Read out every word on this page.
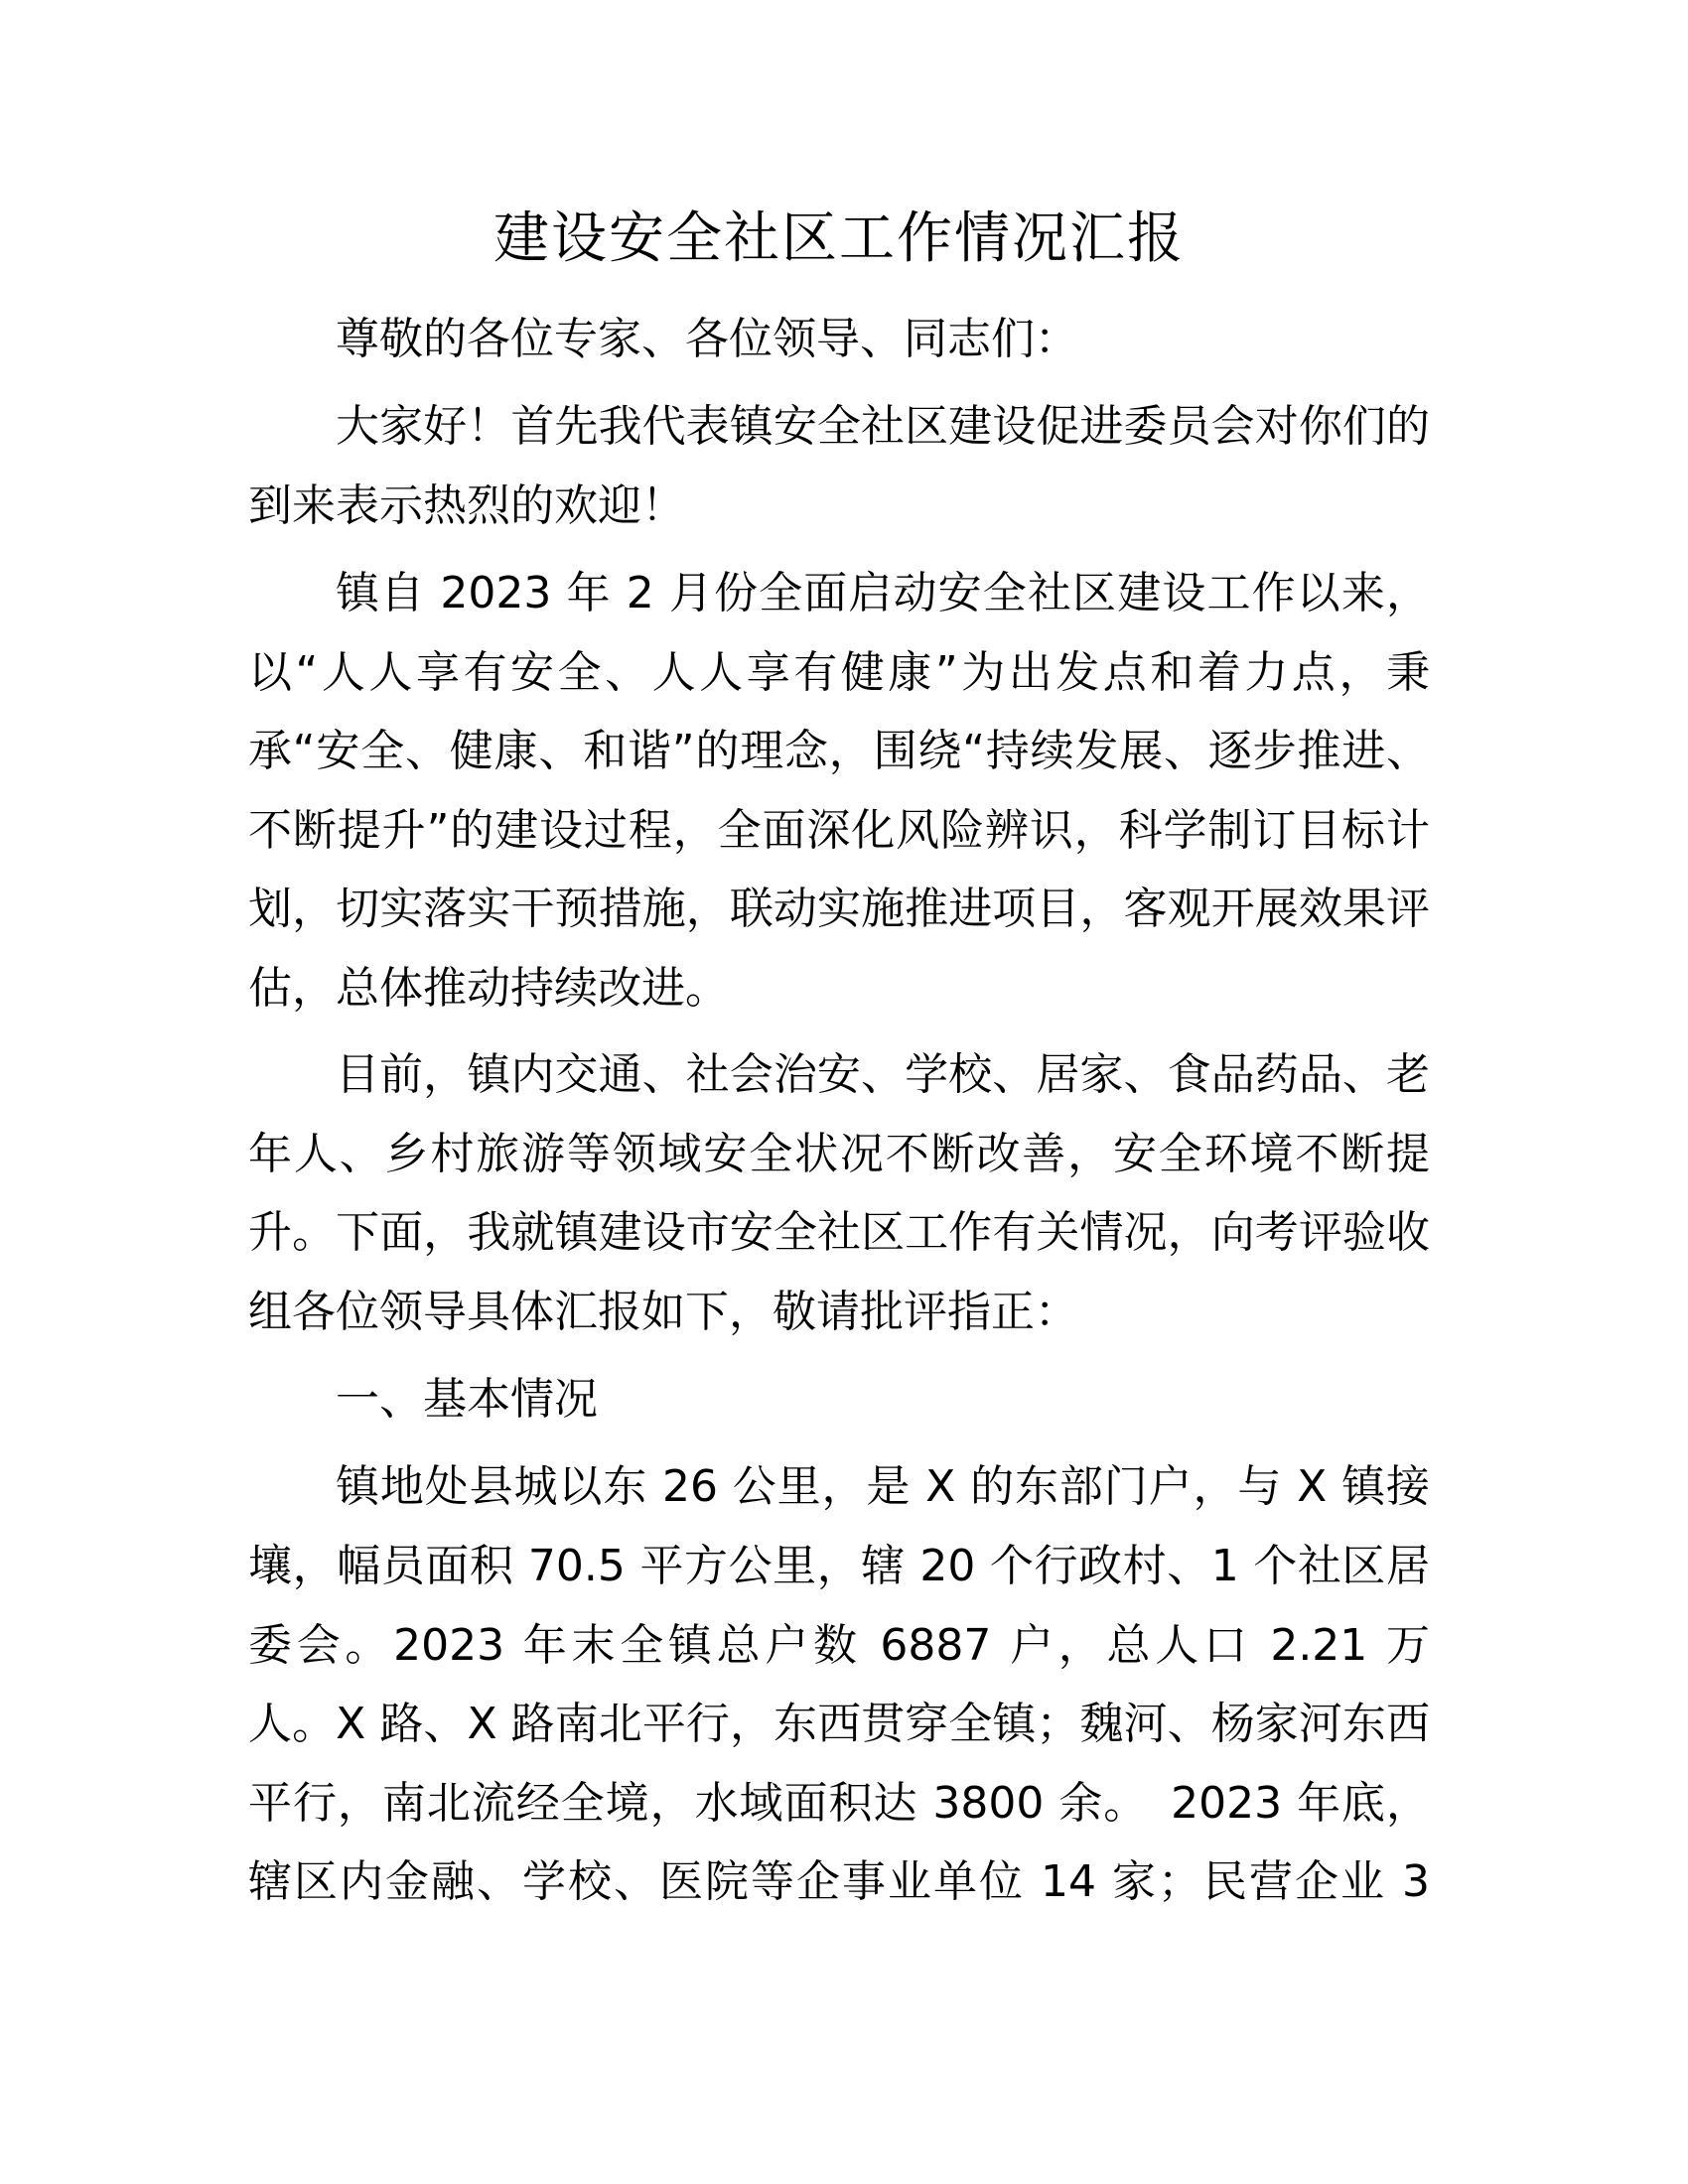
建设安全社区工作情况汇报

尊敬的各位专家、各位领导、同志们：

大家好！首先我代表镇安全社区建设促进委员会对你们的

到来表示热烈的欢迎！

镇自 2023 年 2 月份全面启动安全社区建设工作以来，

以“人人享有安全、人人享有健康”为出发点和着力点，秉

承“安全、健康、和谐”的理念，围绕“持续发展、逐步推进、

不断提升”的建设过程，全面深化风险辨识，科学制订目标计

划，切实落实干预措施，联动实施推进项目，客观开展效果评

估，总体推动持续改进。

目前，镇内交通、社会治安、学校、居家、食品药品、老

年人、乡村旅游等领域安全状况不断改善，安全环境不断提

升。下面，我就镇建设市安全社区工作有关情况，向考评验收

组各位领导具体汇报如下，敬请批评指正：

一、基本情况

镇地处县城以东 26 公里，是 X 的东部门户，与 X 镇接

壤，幅员面积 70.5 平方公里，辖 20 个行政村、1 个社区居

委会。2023 年末全镇总户数 6887 户，总人口 2.21 万

人。X 路、X 路南北平行，东西贯穿全镇；魏河、杨家河东西

平行，南北流经全境，水域面积达 3800 余。　2023 年底，

辖区内金融、学校、医院等企事业单位 14 家；民营企业 3
